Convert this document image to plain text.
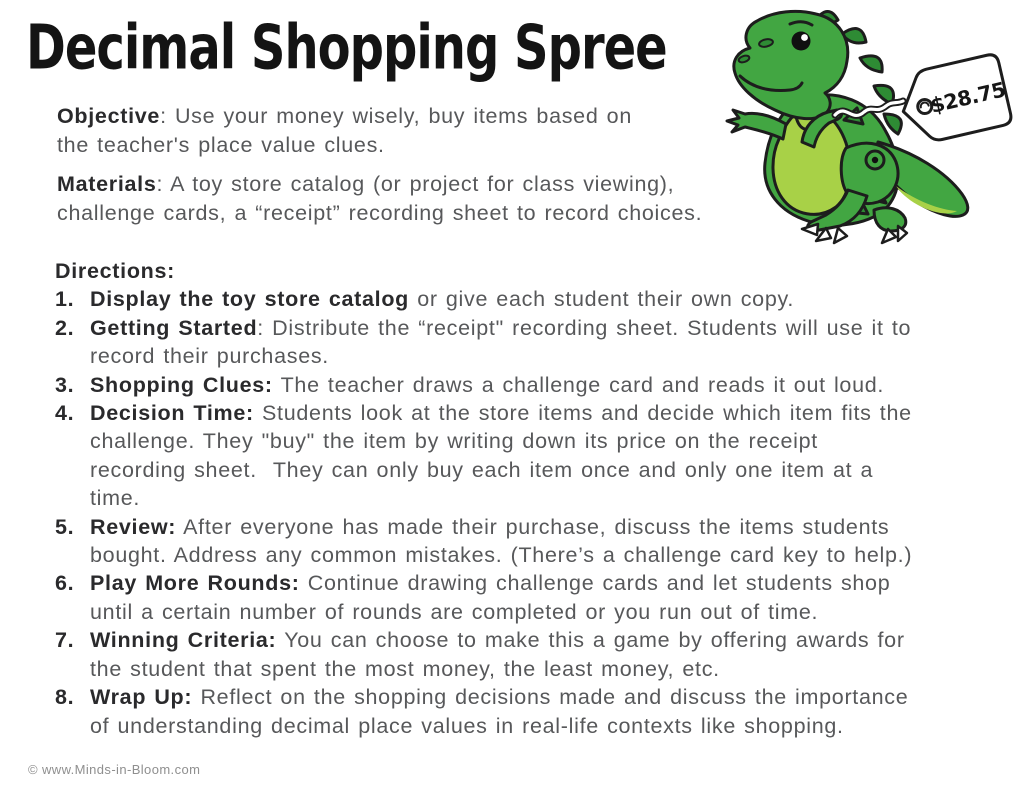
Decimal Shopping Spree
$28.75

Objective: Use your money wisely, buy items based on
the teacher's place value clues.

Materials: A toy store catalog (or project for class viewing),
challenge cards, a “receipt” recording sheet to record choices.

Directions:
1. Display the toy store catalog or give each student their own copy.
2. Getting Started: Distribute the “receipt" recording sheet. Students will use it to
record their purchases.
3. Shopping Clues: The teacher draws a challenge card and reads it out loud.
4. Decision Time: Students look at the store items and decide which item fits the
challenge. They "buy" the item by writing down its price on the receipt
recording sheet.  They can only buy each item once and only one item at a
time.
5. Review: After everyone has made their purchase, discuss the items students
bought. Address any common mistakes. (There’s a challenge card key to help.)
6. Play More Rounds: Continue drawing challenge cards and let students shop
until a certain number of rounds are completed or you run out of time.
7. Winning Criteria: You can choose to make this a game by offering awards for
the student that spent the most money, the least money, etc.
8. Wrap Up: Reflect on the shopping decisions made and discuss the importance
of understanding decimal place values in real-life contexts like shopping.
© www.Minds-in-Bloom.com
